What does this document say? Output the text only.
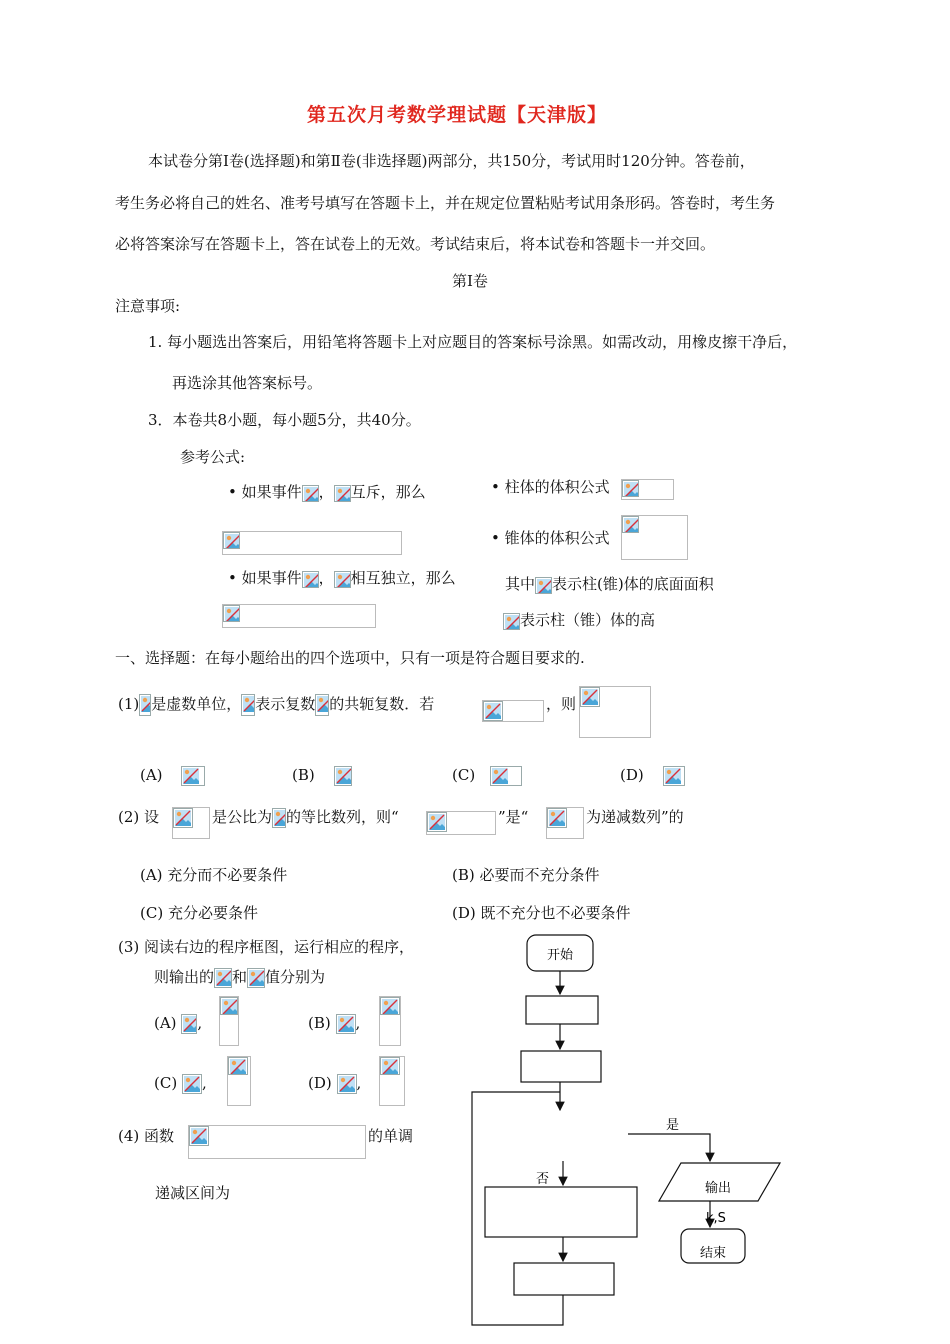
第五次月考数学理试题【天津版】
本试卷分第Ⅰ卷(选择题)和第Ⅱ卷(非选择题)两部分，共150分，考试用时120分钟。答卷前，
考生务必将自己的姓名、准考号填写在答题卡上，并在规定位置粘贴考试用条形码。答卷时，考生务
必将答案涂写在答题卡上，答在试卷上的无效。考试结束后，将本试卷和答题卡一并交回。
第Ⅰ卷
注意事项:
1. 每小题选出答案后，用铅笔将答题卡上对应题目的答案标号涂黑。如需改动，用橡皮擦干净后，
再选涂其他答案标号。
3．本卷共8小题，每小题5分，共40分。
参考公式:
• 如果事件 ， 互斥，那么
• 如果事件 ， 相互独立，那么
• 柱体的体积公式
• 锥体的体积公式
其中 表示柱(锥)体的底面面积
表示柱（锥）体的高
一、选择题：在每小题给出的四个选项中，只有一项是符合题目要求的.
(1) 是虚数单位， 表示复数 的共轭复数．若	，则
(A)	(B)	(C)	(D)
(2) 设	是公比为 的等比数列，则“	”是“	为递减数列”的
(A) 充分而不必要条件	(B) 必要而不充分条件
(C) 充分必要条件	(D) 既不充分也不必要条件
(3) 阅读右边的程序框图，运行相应的程序，
则输出的 和 值分别为
(A) ,	(B) ,
(C) ,	(D) ,
(4) 函数	的单调
递减区间为
开始
是
否
输出
k,S
结束
